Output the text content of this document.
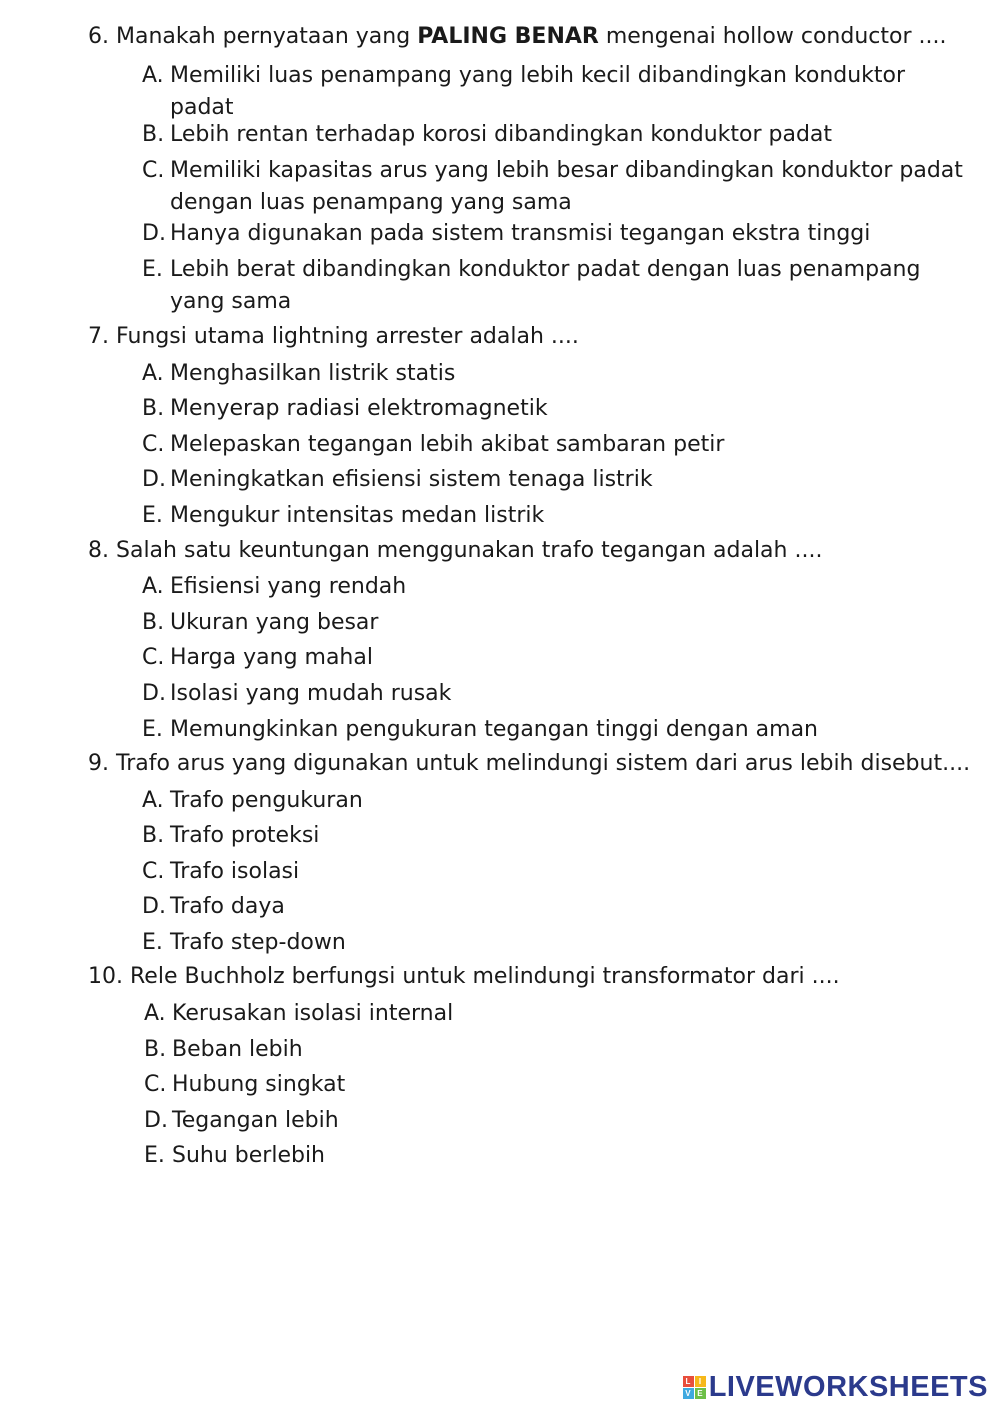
6. Manakah pernyataan yang PALING BENAR mengenai hollow conductor ....
A. Memiliki luas penampang yang lebih kecil dibandingkan konduktor padat
B. Lebih rentan terhadap korosi dibandingkan konduktor padat
C. Memiliki kapasitas arus yang lebih besar dibandingkan konduktor padat dengan luas penampang yang sama
D. Hanya digunakan pada sistem transmisi tegangan ekstra tinggi
E. Lebih berat dibandingkan konduktor padat dengan luas penampang yang sama
7. Fungsi utama lightning arrester adalah ....
A. Menghasilkan listrik statis
B. Menyerap radiasi elektromagnetik
C. Melepaskan tegangan lebih akibat sambaran petir
D. Meningkatkan efisiensi sistem tenaga listrik
E. Mengukur intensitas medan listrik
8. Salah satu keuntungan menggunakan trafo tegangan adalah ....
A. Efisiensi yang rendah
B. Ukuran yang besar
C. Harga yang mahal
D. Isolasi yang mudah rusak
E. Memungkinkan pengukuran tegangan tinggi dengan aman
9. Trafo arus yang digunakan untuk melindungi sistem dari arus lebih disebut....
A. Trafo pengukuran
B. Trafo proteksi
C. Trafo isolasi
D. Trafo daya
E. Trafo step-down
10. Rele Buchholz berfungsi untuk melindungi transformator dari ....
A. Kerusakan isolasi internal
B. Beban lebih
C. Hubung singkat
D. Tegangan lebih
E. Suhu berlebih
L I
V E LIVEWORKSHEETS
